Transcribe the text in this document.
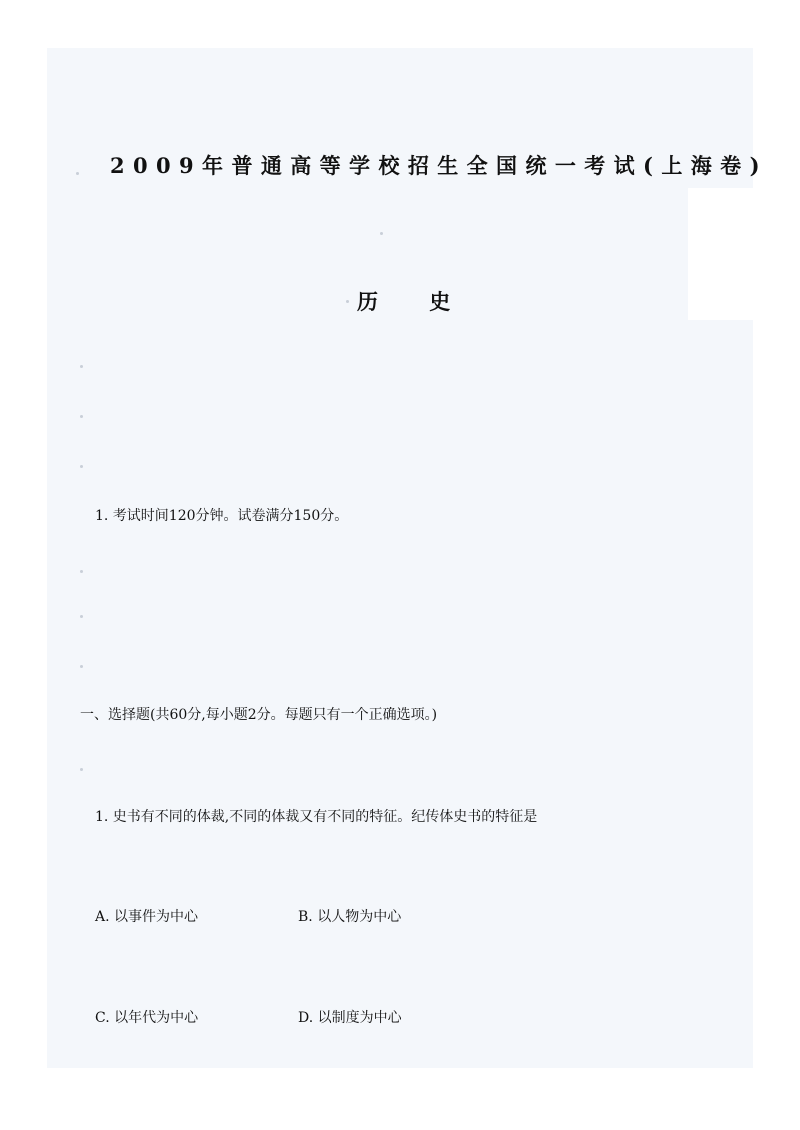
2009年普通高等学校招生全国统一考试(上海卷)
历 史
1. 考试时间120分钟。试卷满分150分。
一、选择题(共60分,每小题2分。每题只有一个正确选项。)
1. 史书有不同的体裁,不同的体裁又有不同的特征。纪传体史书的特征是
A. 以事件为中心	B. 以人物为中心
C. 以年代为中心	D. 以制度为中心
